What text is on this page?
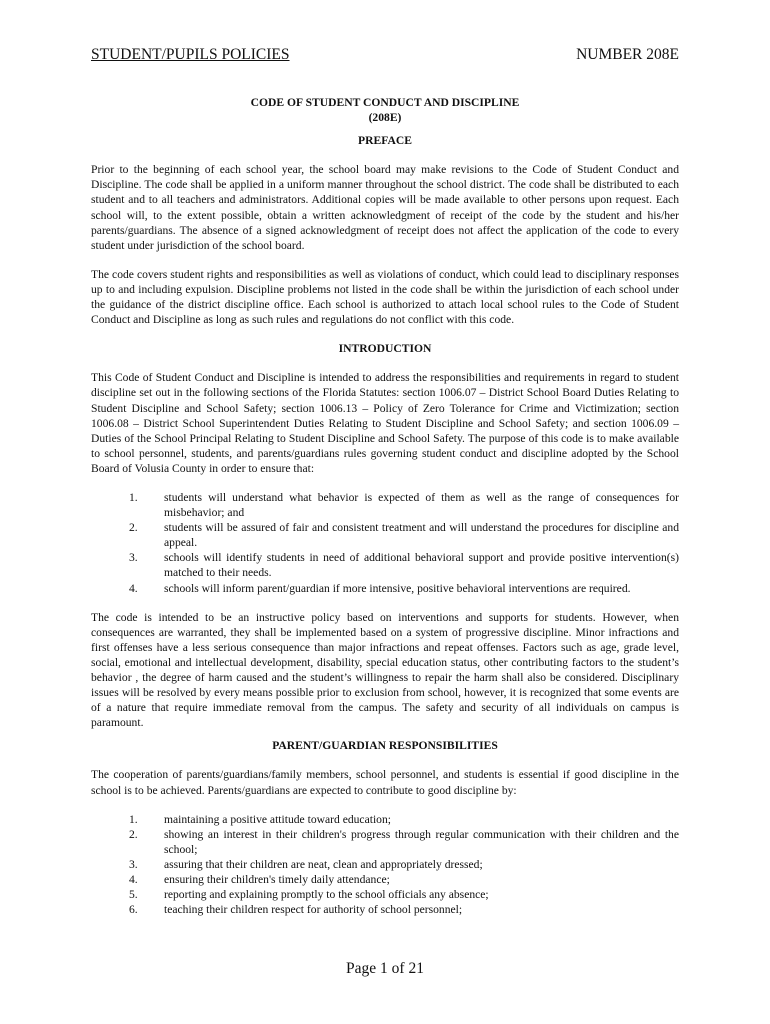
STUDENT/PUPILS POLICIES	NUMBER 208E
CODE OF STUDENT CONDUCT AND DISCIPLINE
(208E)
PREFACE

Prior to the beginning of each school year, the school board may make revisions to the Code of Student Conduct and Discipline. The code shall be applied in a uniform manner throughout the school district. The code shall be distributed to each student and to all teachers and administrators. Additional copies will be made available to other persons upon request. Each school will, to the extent possible, obtain a written acknowledgment of receipt of the code by the student and his/her parents/guardians. The absence of a signed acknowledgment of receipt does not affect the application of the code to every student under jurisdiction of the school board.

The code covers student rights and responsibilities as well as violations of conduct, which could lead to disciplinary responses up to and including expulsion. Discipline problems not listed in the code shall be within the jurisdiction of each school under the guidance of the district discipline office. Each school is authorized to attach local school rules to the Code of Student Conduct and Discipline as long as such rules and regulations do not conflict with this code.

INTRODUCTION

This Code of Student Conduct and Discipline is intended to address the responsibilities and requirements in regard to student discipline set out in the following sections of the Florida Statutes: section 1006.07 – District School Board Duties Relating to Student Discipline and School Safety; section 1006.13 – Policy of Zero Tolerance for Crime and Victimization; section 1006.08 – District School Superintendent Duties Relating to Student Discipline and School Safety; and section 1006.09 – Duties of the School Principal Relating to Student Discipline and School Safety. The purpose of this code is to make available to school personnel, students, and parents/guardians rules governing student conduct and discipline adopted by the School Board of Volusia County in order to ensure that:

1. students will understand what behavior is expected of them as well as the range of consequences for misbehavior; and
2. students will be assured of fair and consistent treatment and will understand the procedures for discipline and appeal.
3. schools will identify students in need of additional behavioral support and provide positive intervention(s) matched to their needs.
4. schools will inform parent/guardian if more intensive, positive behavioral interventions are required.

The code is intended to be an instructive policy based on interventions and supports for students. However, when consequences are warranted, they shall be implemented based on a system of progressive discipline. Minor infractions and first offenses have a less serious consequence than major infractions and repeat offenses. Factors such as age, grade level, social, emotional and intellectual development, disability, special education status, other contributing factors to the student’s behavior , the degree of harm caused and the student’s willingness to repair the harm shall also be considered. Disciplinary issues will be resolved by every means possible prior to exclusion from school, however, it is recognized that some events are of a nature that require immediate removal from the campus. The safety and security of all individuals on campus is paramount.

PARENT/GUARDIAN RESPONSIBILITIES

The cooperation of parents/guardians/family members, school personnel, and students is essential if good discipline in the school is to be achieved. Parents/guardians are expected to contribute to good discipline by:

1. maintaining a positive attitude toward education;
2. showing an interest in their children's progress through regular communication with their children and the school;
3. assuring that their children are neat, clean and appropriately dressed;
4. ensuring their children's timely daily attendance;
5. reporting and explaining promptly to the school officials any absence;
6. teaching their children respect for authority of school personnel;
Page 1 of 21
